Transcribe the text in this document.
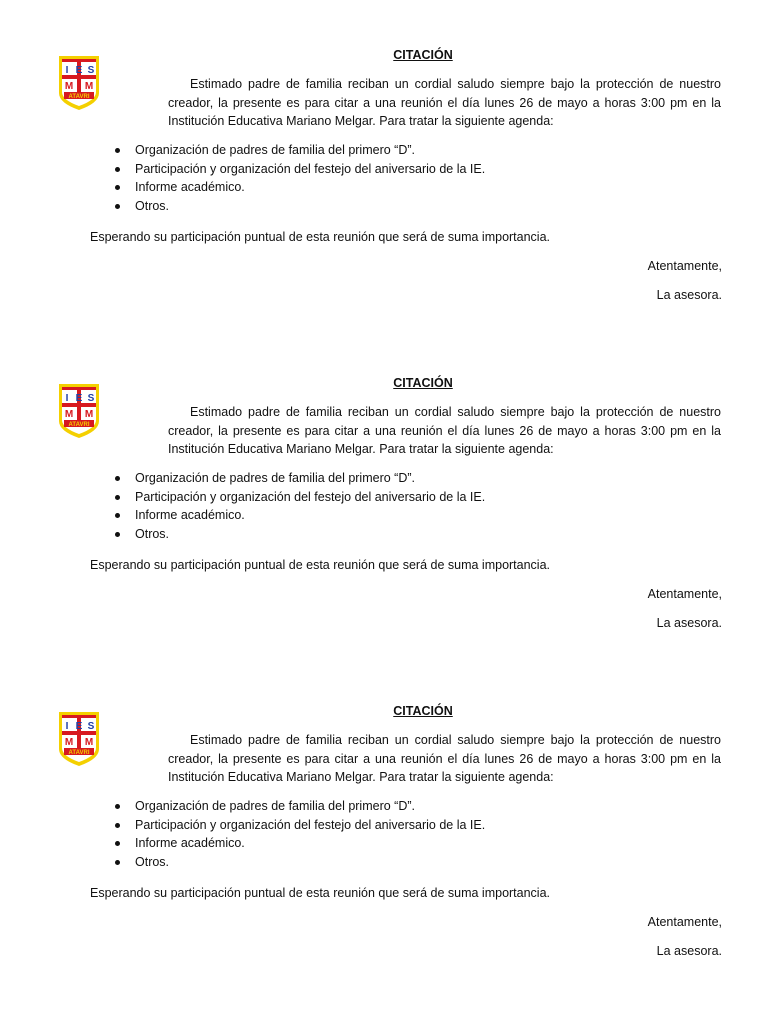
I E S
M M
ATAVRI
CITACIÓN

Estimado padre de familia reciban un cordial saludo siempre bajo la protección de nuestro creador, la presente es para citar a una reunión el día lunes 26 de mayo a horas 3:00 pm en la Institución Educativa Mariano Melgar. Para tratar la siguiente agenda:

Organización de padres de familia del primero “D”.
Participación y organización del festejo del aniversario de la IE.
Informe académico.
Otros.

Esperando su participación puntual de esta reunión que será de suma importancia.

Atentamente,

La asesora.

I E S
M M
ATAVRI
CITACIÓN

Estimado padre de familia reciban un cordial saludo siempre bajo la protección de nuestro creador, la presente es para citar a una reunión el día lunes 26 de mayo a horas 3:00 pm en la Institución Educativa Mariano Melgar. Para tratar la siguiente agenda:

Organización de padres de familia del primero “D”.
Participación y organización del festejo del aniversario de la IE.
Informe académico.
Otros.

Esperando su participación puntual de esta reunión que será de suma importancia.

Atentamente,

La asesora.

I E S
M M
ATAVRI
CITACIÓN

Estimado padre de familia reciban un cordial saludo siempre bajo la protección de nuestro creador, la presente es para citar a una reunión el día lunes 26 de mayo a horas 3:00 pm en la Institución Educativa Mariano Melgar. Para tratar la siguiente agenda:

Organización de padres de familia del primero “D”.
Participación y organización del festejo del aniversario de la IE.
Informe académico.
Otros.

Esperando su participación puntual de esta reunión que será de suma importancia.

Atentamente,

La asesora.
